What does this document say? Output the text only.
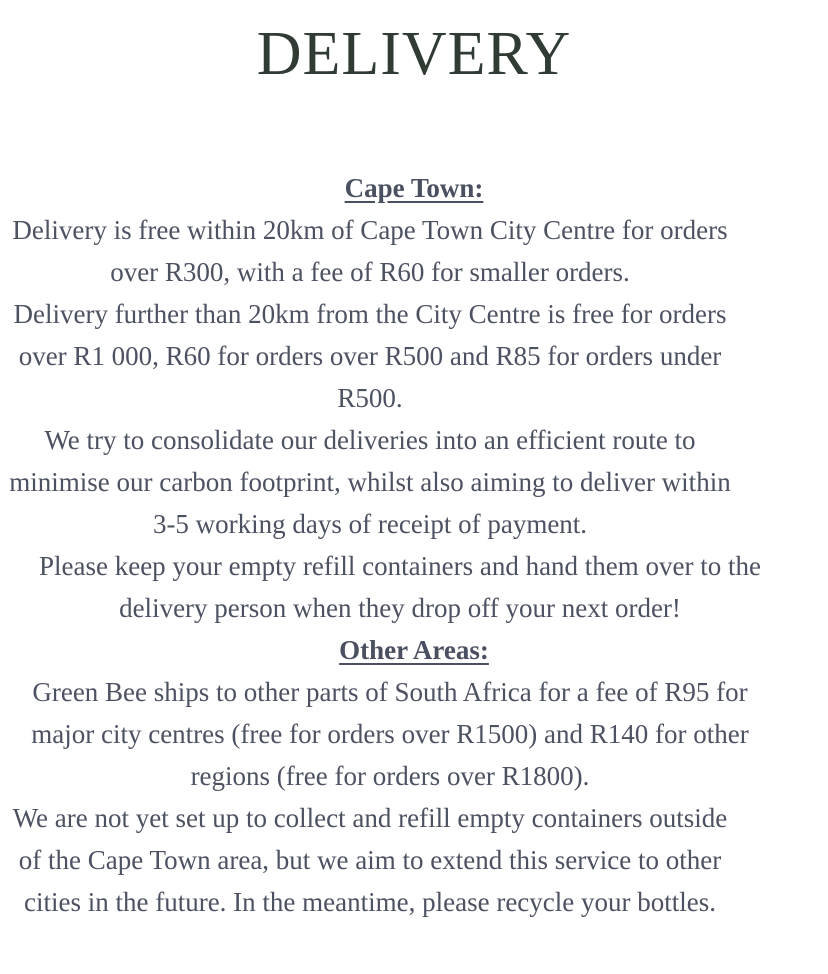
DELIVERY

Cape Town:

Delivery is free within 20km of Cape Town City Centre for orders over R300, with a fee of R60 for smaller orders.

Delivery further than 20km from the City Centre is free for orders over R1 000, R60 for orders over R500 and R85 for orders under R500.

We try to consolidate our deliveries into an efficient route to minimise our carbon footprint, whilst also aiming to deliver within 3-5 working days of receipt of payment.

Please keep your empty refill containers and hand them over to the delivery person when they drop off your next order!

Other Areas:

Green Bee ships to other parts of South Africa for a fee of R95 for major city centres (free for orders over R1500) and R140 for other regions (free for orders over R1800).

We are not yet set up to collect and refill empty containers outside of the Cape Town area, but we aim to extend this service to other cities in the future. In the meantime, please recycle your bottles.
